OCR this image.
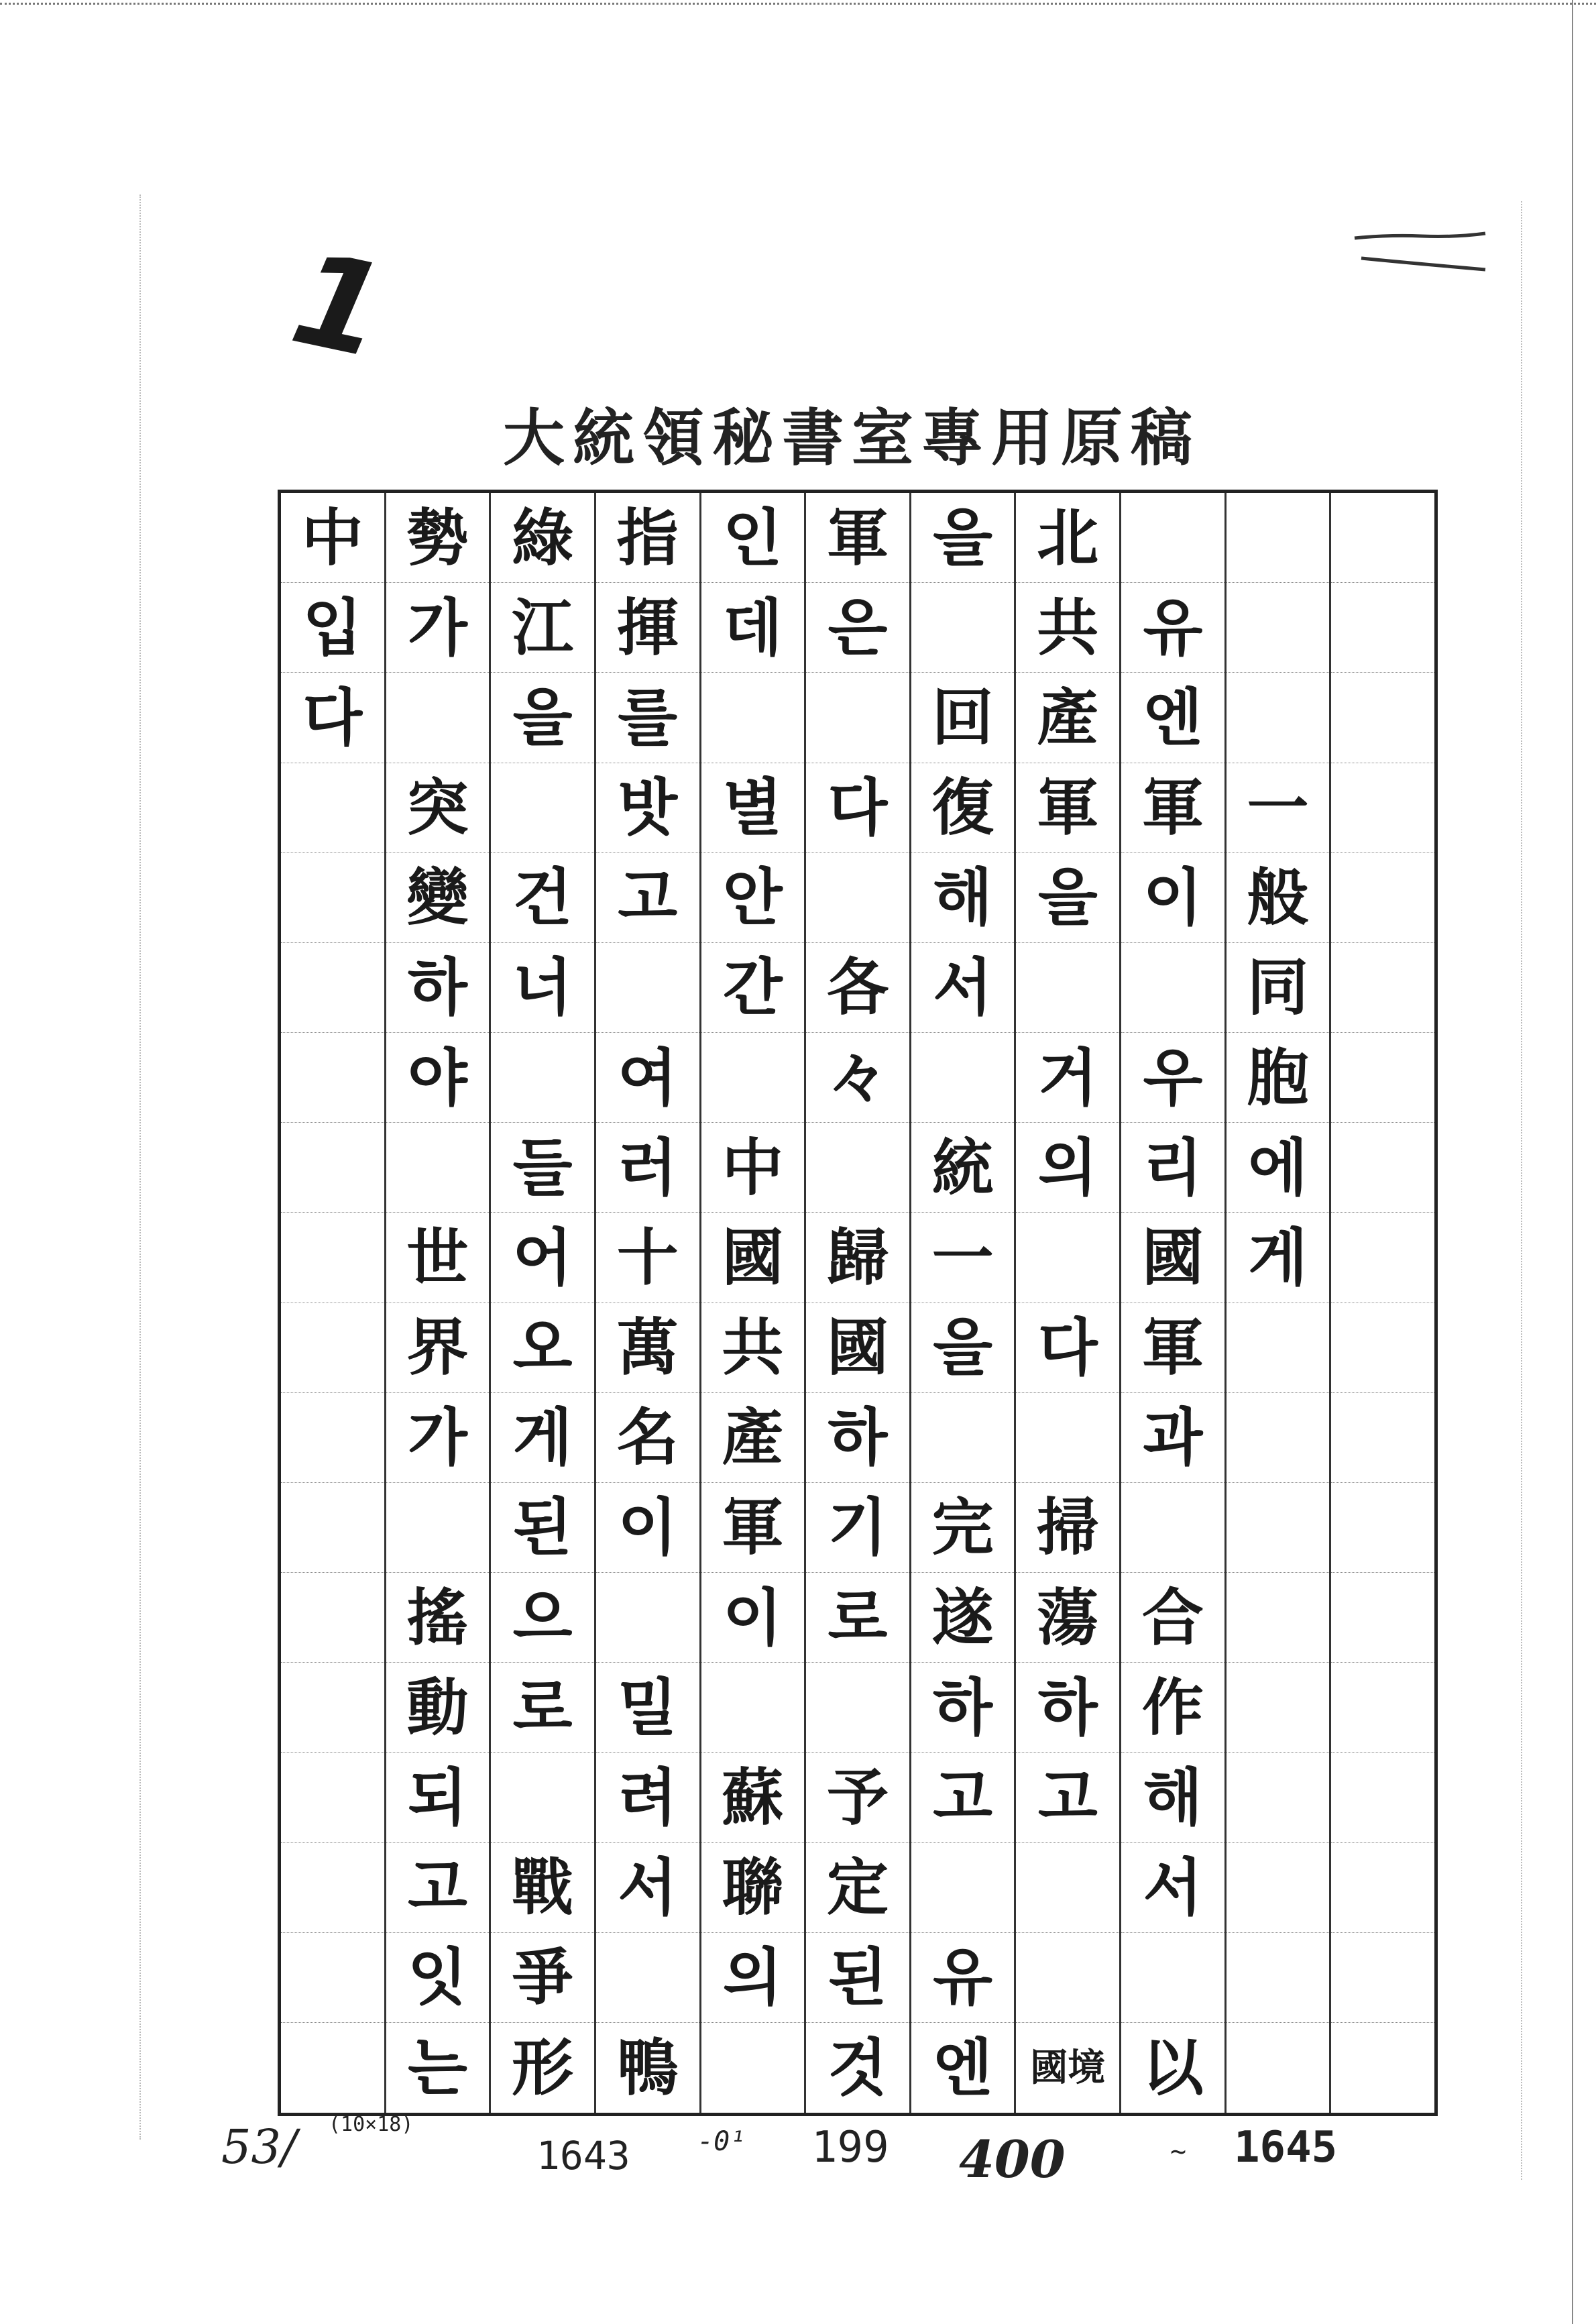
1
大統領秘書室專用原稿
一
般
同
胞
에
게
유
엔
軍
이
우
리
國
軍
과
合
作
해
서
以
北
共
產
軍
을
거
의
다
掃
蕩
하
고
國境
을
回
復
해
서
統
一
을
完
遂
하
고
유
엔
軍
은
다
各
々
歸
國
하
기
로
予
定
된
것
인
데
별
안
간
中
國
共
產
軍
이
蘇
聯
의
指
揮
를
밧
고
여
러
十
萬
名
이
밀
려
서
鴨
綠
江
을
건
너
들
어
오
게
된
으
로
戰
爭
形
勢
가
突
變
하
야
世
界
가
搖
動
되
고
잇
는
中
입
다
53/ (10×18)
1643	-0¹ 199 400	~ 1645
